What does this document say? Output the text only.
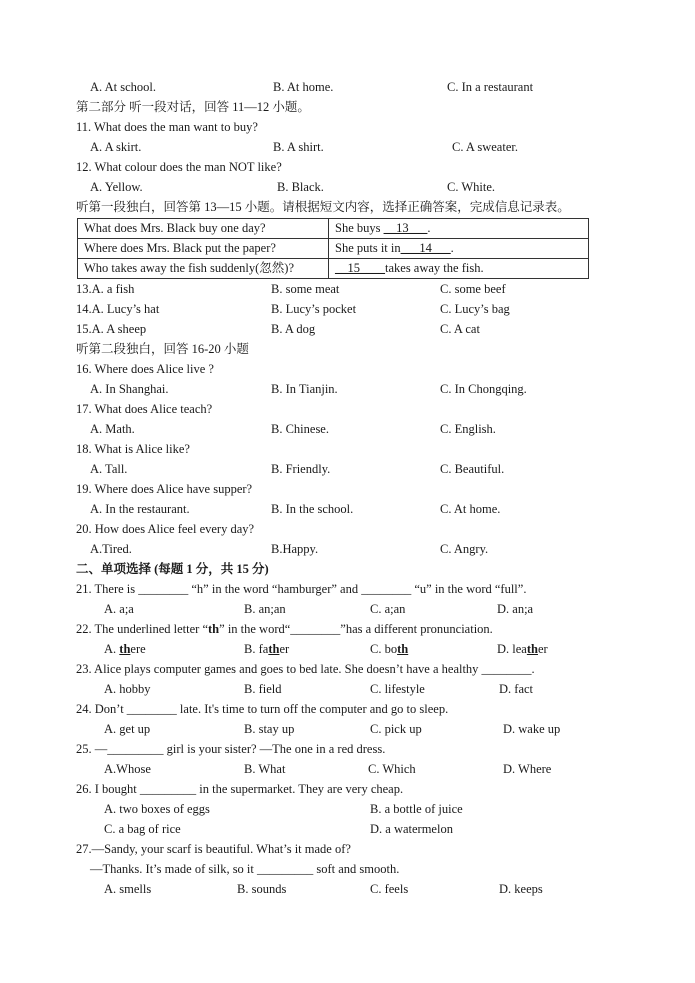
A. At school.	B. At home.	C. In a restaurant
第二部分 听一段对话，回答 11—12 小题。
11. What does the man want to buy?
A. A skirt.	B. A shirt.	C. A sweater.
12. What colour does the man NOT like?
A. Yellow.	B. Black.	C. White.
听第一段独白，回答第 13—15 小题。请根据短文内容，选择正确答案，完成信息记录表。
What does Mrs. Black buy one day?	She buys __13___.
Where does Mrs. Black put the paper?	She puts it in___14___.
Who takes away the fish suddenly(忽然)?	__15____takes away the fish.
13.A. a fish	B. some meat	C. some beef
14.A. Lucy’s hat	B. Lucy’s pocket	C. Lucy’s bag
15.A. A sheep	B. A dog	C. A cat
听第二段独白，回答 16-20 小题
16. Where does Alice live ?
A. In Shanghai.	B. In Tianjin.	C. In Chongqing.
17. What does Alice teach?
A. Math.	B. Chinese.	C. English.
18. What is Alice like?
A. Tall.	B. Friendly.	C. Beautiful.
19. Where does Alice have supper?
A. In the restaurant.	B. In the school.	C. At home.
20. How does Alice feel every day?
A.Tired.	B.Happy.	C. Angry.
二、单项选择 (每题 1 分，共 15 分)
21. There is ________ “h” in the word “hamburger” and ________ “u” in the word “full”.
A. a;a	B. an;an	C. a;an	D. an;a
22. The underlined letter “th” in the word“________”has a different pronunciation.
A. there	B. father	C. both	D. leather
23. Alice plays computer games and goes to bed late. She doesn’t have a healthy ________.
A. hobby	B. field	C. lifestyle	D. fact
24. Don’t ________ late. It's time to turn off the computer and go to sleep.
A. get up	B. stay up	C. pick up	D. wake up
25. —_________ girl is your sister? —The one in a red dress.
A.Whose	B. What	C. Which	D. Where
26. I bought _________ in the supermarket. They are very cheap.
A. two boxes of eggs	B. a bottle of juice
C. a bag of rice	D. a watermelon
27.—Sandy, your scarf is beautiful. What’s it made of?
—Thanks. It’s made of silk, so it _________ soft and smooth.
A. smells	B. sounds	C. feels	D. keeps
